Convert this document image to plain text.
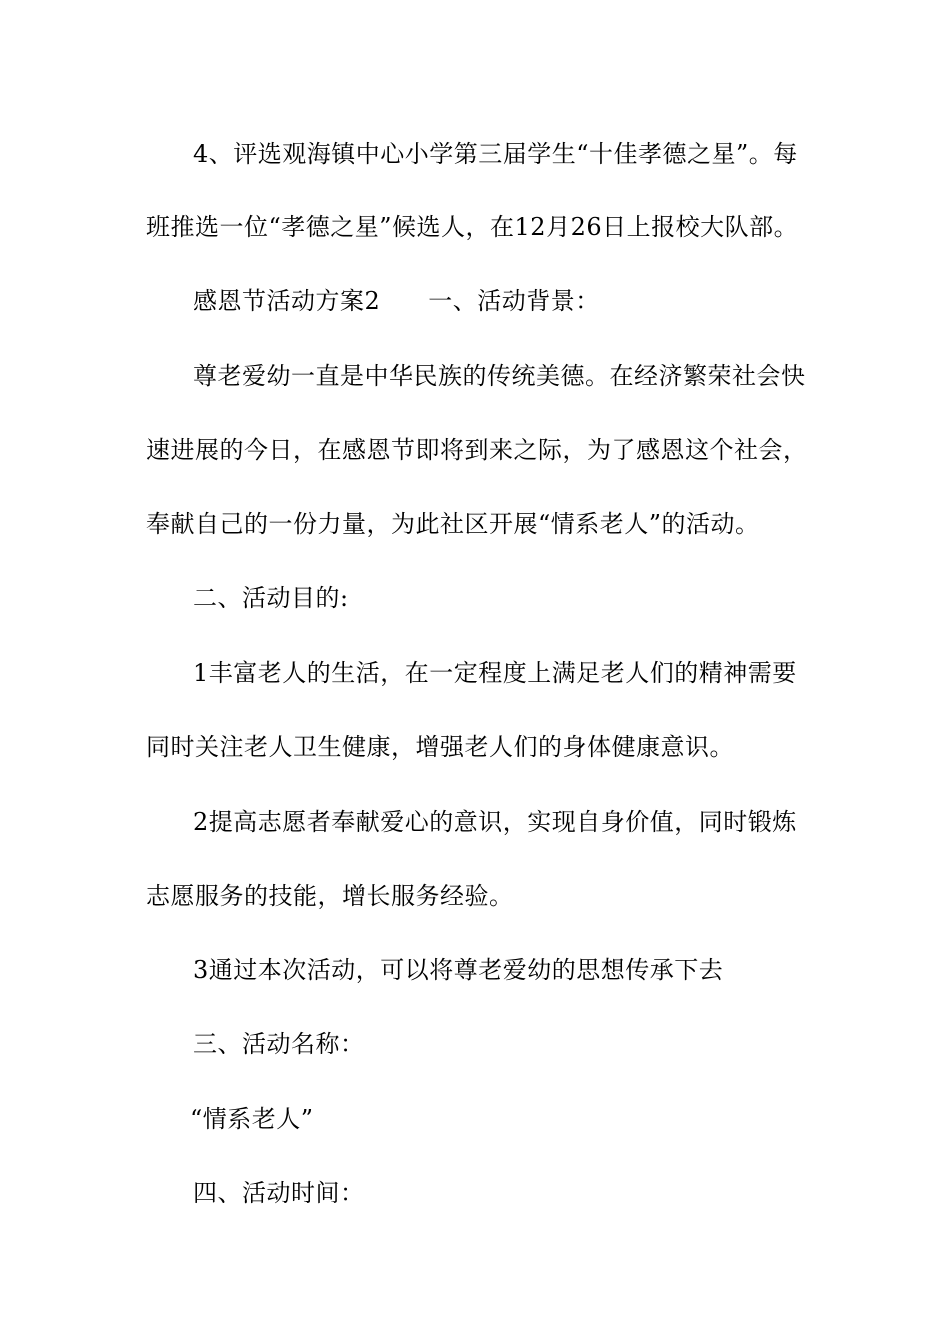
4、评选观海镇中心小学第三届学生“十佳孝德之星”。每
班推选一位“孝德之星”候选人，在12月26日上报校大队部。
感恩节活动方案2 一、活动背景：
尊老爱幼一直是中华民族的传统美德。在经济繁荣社会快
速进展的今日，在感恩节即将到来之际，为了感恩这个社会，
奉献自己的一份力量，为此社区开展“情系老人”的活动。
二、活动目的:
1丰富老人的生活，在一定程度上满足老人们的精神需要
同时关注老人卫生健康，增强老人们的身体健康意识。
2提高志愿者奉献爱心的意识，实现自身价值，同时锻炼
志愿服务的技能，增长服务经验。
3通过本次活动，可以将尊老爱幼的思想传承下去
三、活动名称：
“情系老人”
四、活动时间：
